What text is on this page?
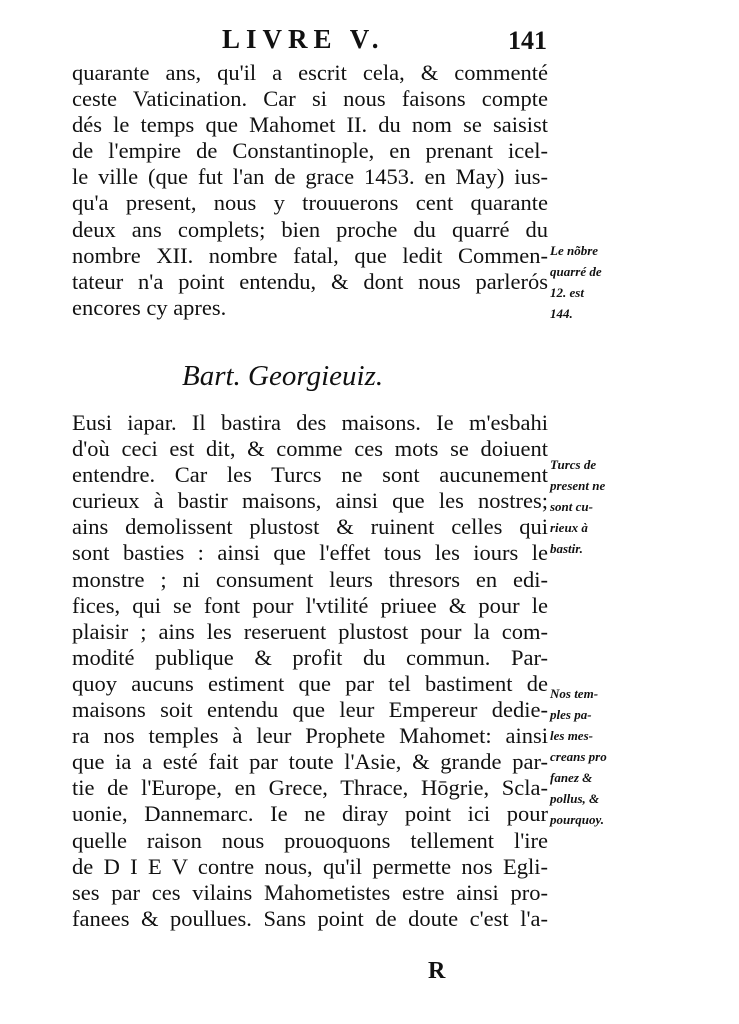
LIVRE V.	141
quarante ans, qu'il a escrit cela, & commenté
ceste Vaticination. Car si nous faisons compte
dés le temps que Mahomet II. du nom se saisist
de l'empire de Constantinople, en prenant icel-
le ville (que fut l'an de grace 1453. en May) ius-
qu'a present, nous y trouuerons cent quarante
deux ans complets; bien proche du quarré du
nombre XII. nombre fatal, que ledit Commen-
tateur n'a point entendu, & dont nous parlerós
encores cy apres.
Le nõbre
quarré de
12. est
144.
Bart. Georgieuiz.
Eusi iapar. Il bastira des maisons. Ie m'esbahi
d'où ceci est dit, & comme ces mots se doiuent
entendre. Car les Turcs ne sont aucunement
curieux à bastir maisons, ainsi que les nostres;
ains demolissent plustost & ruinent celles qui
sont basties : ainsi que l'effet tous les iours le
monstre ; ni consument leurs thresors en edi-
fices, qui se font pour l'vtilité priuee & pour le
plaisir ; ains les reseruent plustost pour la com-
modité publique & profit du commun. Par-
quoy aucuns estiment que par tel bastiment de
maisons soit entendu que leur Empereur dedie-
ra nos temples à leur Prophete Mahomet: ainsi
que ia a esté fait par toute l'Asie, & grande par-
tie de l'Europe, en Grece, Thrace, Hōgrie, Scla-
uonie, Dannemarc. Ie ne diray point ici pour
quelle raison nous prouoquons tellement l'ire
de D I E V contre nous, qu'il permette nos Egli-
ses par ces vilains Mahometistes estre ainsi pro-
fanees & poullues. Sans point de doute c'est l'a-
Turcs de
present ne
sont cu-
rieux à
bastir.
Nos tem-
ples pa-
les mes-
creans pro
fanez &
pollus, &
pourquoy.
R
